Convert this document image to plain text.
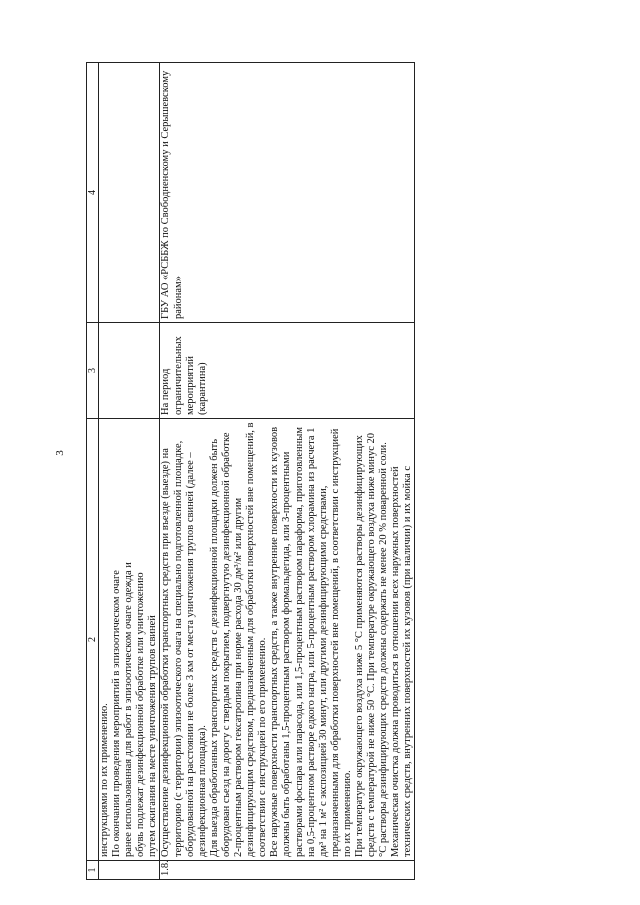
3
1	2	3	4

	инструкциями по их применению. По окончании проведения мероприятий в эпизоотическом очаге ранее использованная для работ в эпизоотическом очаге одежда и обувь подлежат дезинфекционной обработке или уничтожению путем сжигания на месте уничтожения трупов свиней		

1.8.	Осуществление дезинфекционной обработки транспортных средств при въезде (выезде) на территорию (с территории) эпизоотического очага на специально подготовленной площадке, оборудованной на расстоянии не более 3 км от места уничтожения трупов свиней (далее – дезинфекционная площадка). Для выезда обработанных транспортных средств с дезинфекционной площадки должен быть оборудован съезд на дорогу с твердым покрытием, подвергнутую дезинфекционной обработке 2-процентным раствором гексатропина при норме расхода 30 дм³/м² или другим дезинфицирующим средством, предназначенным для обработки поверхностей вне помещений, в соответствии с инструкцией по его применению. Все наружные поверхности транспортных средств, а также внутренние поверхности их кузовов должны быть обработаны 1,5-процентным раствором формальдегида, или 3-процентными растворами фоспара или парасода, или 1,5-процентным раствором параформа, приготовленным на 0,5-процентном растворе едкого натра, или 5-процентным раствором хлорамина из расчета 1 дм³ на 1 м² с экспозицией 30 минут, или другими дезинфицирующими средствами, предназначенными для обработки поверхностей вне помещений, в соответствии с инструкцией по их применению. При температуре окружающего воздуха ниже 5 °С применяются растворы дезинфицирующих средств с температурой не ниже 50 °С. При температуре окружающего воздуха ниже минус 20 °С растворы дезинфицирующих средств должны содержать не менее 20 % поваренной соли. Механическая очистка должна проводиться в отношении всех наружных поверхностей технических средств, внутренних поверхностей их кузовов (при наличии) и их мойка с	На период ограничительных мероприятий (карантина)	ГБУ АО «РСББЖ по Свободненскому и Серышевскому районам»
